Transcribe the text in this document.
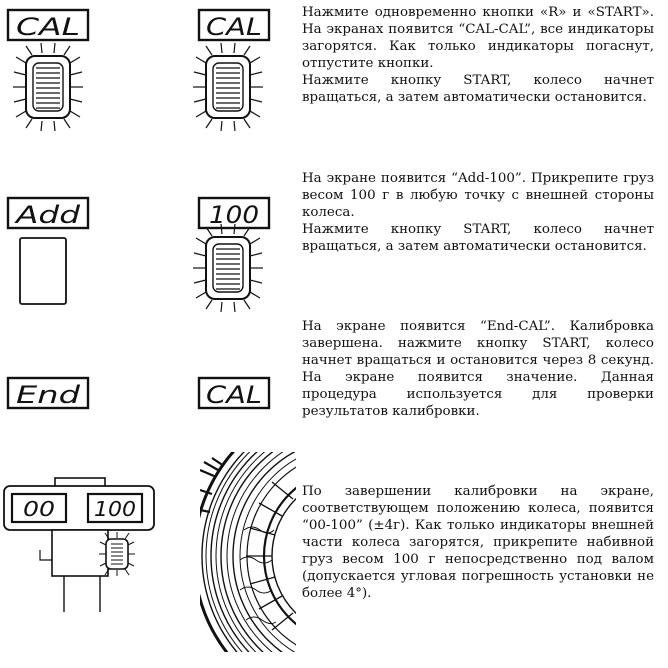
CAL	CAL
Add	100
End	CAL
00 100

Нажмите одновременно кнопки «R» и «START». На экранах появится “CAL-CAL”, все индикаторы загорятся. Как только индикаторы погаснут, отпустите кнопки.

Нажмите кнопку START, колесо начнет вращаться, а затем автоматически остановится.

На экране появится “Add-100”. Прикрепите груз весом 100 г в любую точку с внешней стороны колеса.

Нажмите кнопку START, колесо начнет вращаться, а затем автоматически остановится.

На экране появится “End-CAL”. Калибровка завершена. нажмите кнопку START, колесо начнет вращаться и остановится через 8 секунд. На экране появится значение. Данная процедура используется для проверки результатов калибровки.

По завершении калибровки на экране, соответствующем положению колеса, появится “00-100” (±4г). Как только индикаторы внешней части колеса загорятся, прикрепите набивной груз весом 100 г непосредственно под валом (допускается угловая погрешность установки не более 4°).
